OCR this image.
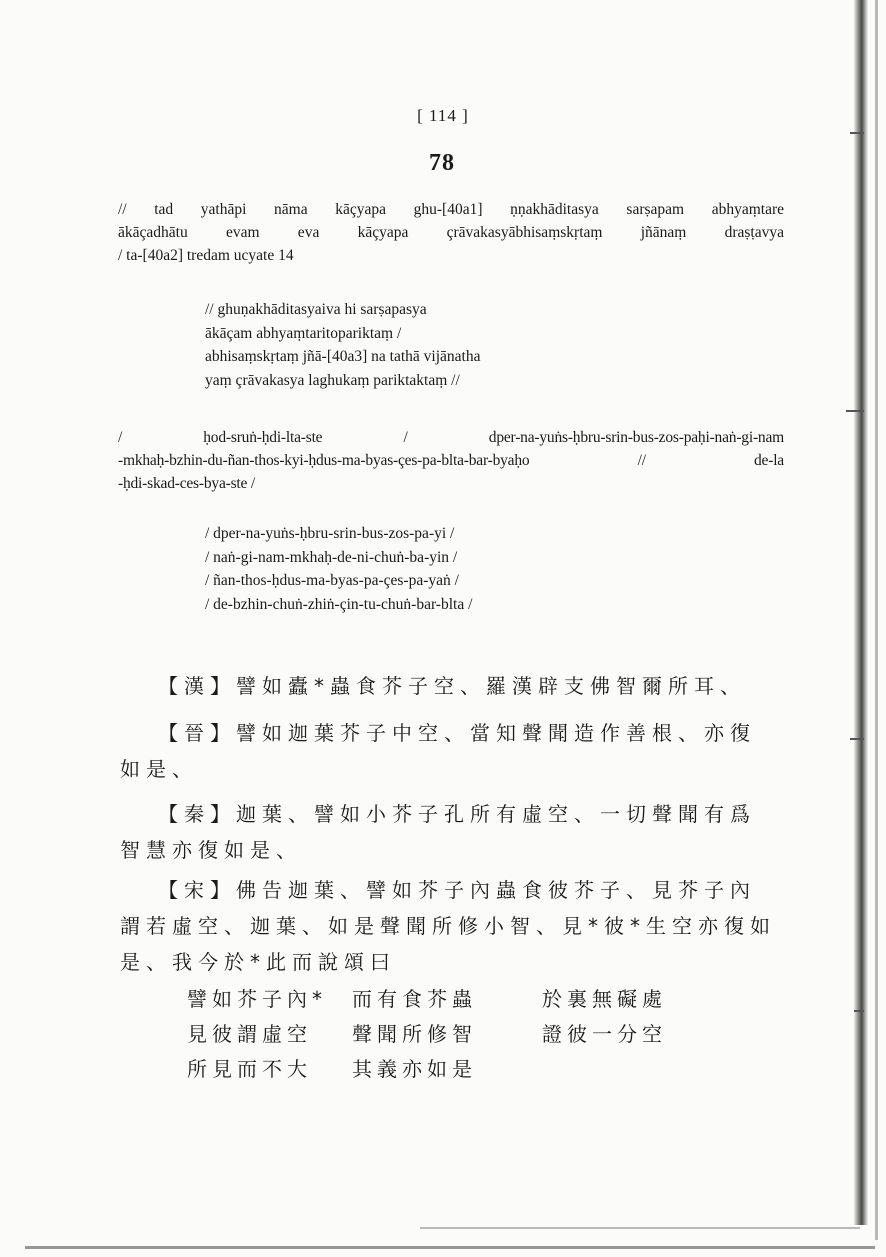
[ 114 ]
78
// tad yathāpi nāma kāçyapa ghu-[40a1] ṇṇakhāditasya sarṣapam abhyaṃtare
ākāçadhātu evam eva kāçyapa çrāvakasyābhisaṃskṛtaṃ jñānaṃ draṣṭavya
/ ta-[40a2] tredam ucyate 14
// ghuṇakhāditasyaiva hi sarṣapasya
ākāçam abhyaṃtaritopariktaṃ /
abhisaṃskṛtaṃ jñā-[40a3] na tathā vijānatha
yaṃ çrāvakasya laghukaṃ pariktaktaṃ //
/ ḥod-sruṅ-ḥdi-lta-ste / dper-na-yuṅs-ḥbru-srin-bus-zos-paḥi-naṅ-gi-nam
-mkhaḥ-bzhin-du-ñan-thos-kyi-ḥdus-ma-byas-çes-pa-blta-bar-byaḥo // de-la
-ḥdi-skad-ces-bya-ste /
/ dper-na-yuṅs-ḥbru-srin-bus-zos-pa-yi /
/ naṅ-gi-nam-mkhaḥ-de-ni-chuṅ-ba-yin /
/ ñan-thos-ḥdus-ma-byas-pa-çes-pa-yaṅ /
/ de-bzhin-chuṅ-zhiṅ-çin-tu-chuṅ-bar-blta /
【漢】譬如蠹*蟲食芥子空、羅漢辟支佛智爾所耳、
【晉】譬如迦葉芥子中空、當知聲聞造作善根、亦復
如是、
【秦】迦葉、譬如小芥子孔所有虛空、一切聲聞有爲
智慧亦復如是、
【宋】佛告迦葉、譬如芥子內蟲食彼芥子、見芥子內
謂若虛空、迦葉、如是聲聞所修小智、見*彼*生空亦復如
是、我今於*此而說頌曰
譬如芥子內*	而有食芥蟲	於裏無礙處
見彼謂虛空	聲聞所修智	證彼一分空
所見而不大	其義亦如是
